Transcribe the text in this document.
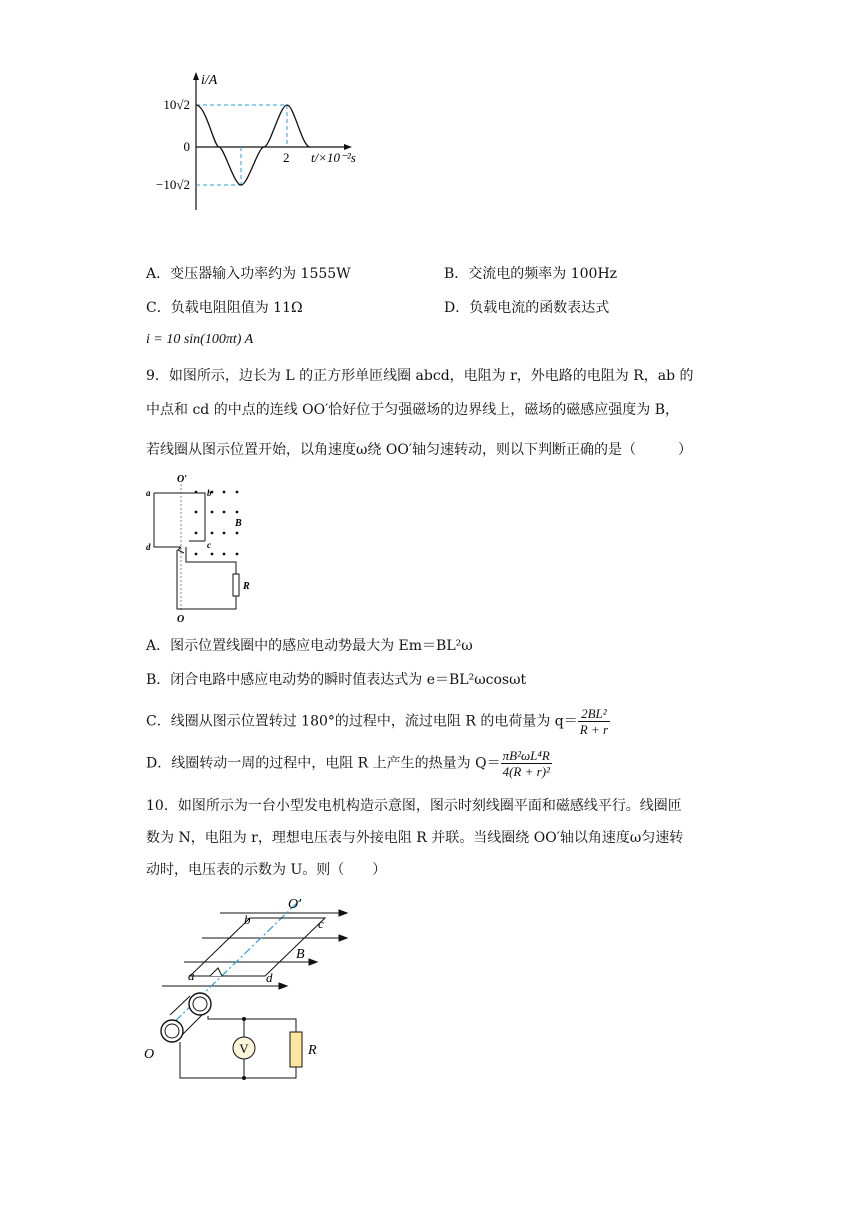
i/A
10√2
0
−10√2
2 t/×10⁻²s
A．变压器输入功率约为 1555W	B．交流电的频率为 100Hz
C．负载电阻阻值为 11Ω	D．负载电流的函数表达式
i = 10 sin(100πt) A
9．如图所示，边长为 L 的正方形单匝线圈 abcd，电阻为 r，外电路的电阻为 R，ab 的
中点和 cd 的中点的连线 OO′恰好位于匀强磁场的边界线上，磁场的磁感应强度为 B，
若线圈从图示位置开始，以角速度ω绕 OO′轴匀速转动，则以下判断正确的是（　　　）
O′
a	b
d	c
B
R
O
A．图示位置线圈中的感应电动势最大为 Em＝BL²ω
B．闭合电路中感应电动势的瞬时值表达式为 e＝BL²ωcosωt
C．线圈从图示位置转过 180°的过程中，流过电阻 R 的电荷量为 $q= \frac{\text{2BL²}}{R + r}$
D．线圈转动一周的过程中，电阻 R 上产生的热量为 $Q= \frac{\text{πB²ωL⁴R}}{\text{4(R + r)²}}$
10．如图所示为一台小型发电机构造示意图，图示时刻线圈平面和磁感线平行。线圈匝
数为 N，电阻为 r，理想电压表与外接电阻 R 并联。当线圈绕 OO′轴以角速度ω匀速转
动时，电压表的示数为 U。则（　　）
V	R
O′
b	c
B
a	d
O
